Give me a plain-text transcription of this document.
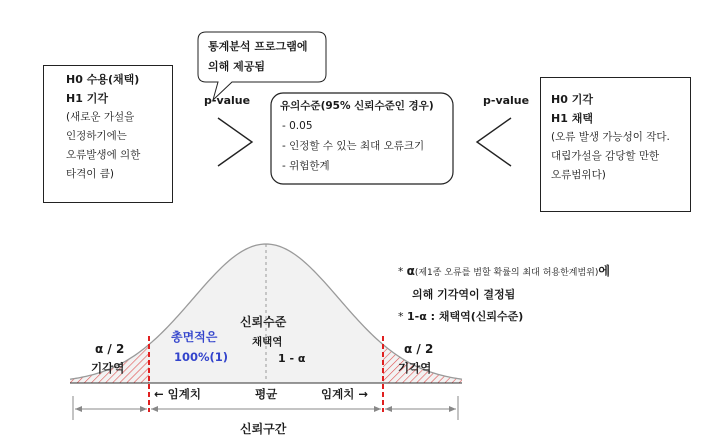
통계분석 프로그램에
의해 제공됨
H0 수용(채택)
H1 기각
(새로운 가설을
인정하기에는
오류발생에 의한
타격이 큼)
p-value	p-value
유의수준(95% 신뢰수준인 경우)
- 0.05
- 인정할 수 있는 최대 오류크기
- 위험한계
H0 기각
H1 채택
(오류 발생 가능성이 작다.
대립가설을 감당할 만한
오류범위다)
* α(제1종 오류를 범할 확률의 최대 허용한계범위)에
의해 기각역이 결정됨
* 1-α : 채택역(신뢰수준)
총면적은
100%(1)
신뢰수준
채택역
1 - α
α / 2
기각역
α / 2
기각역
← 임계치	평균	임계치 →
신뢰구간
